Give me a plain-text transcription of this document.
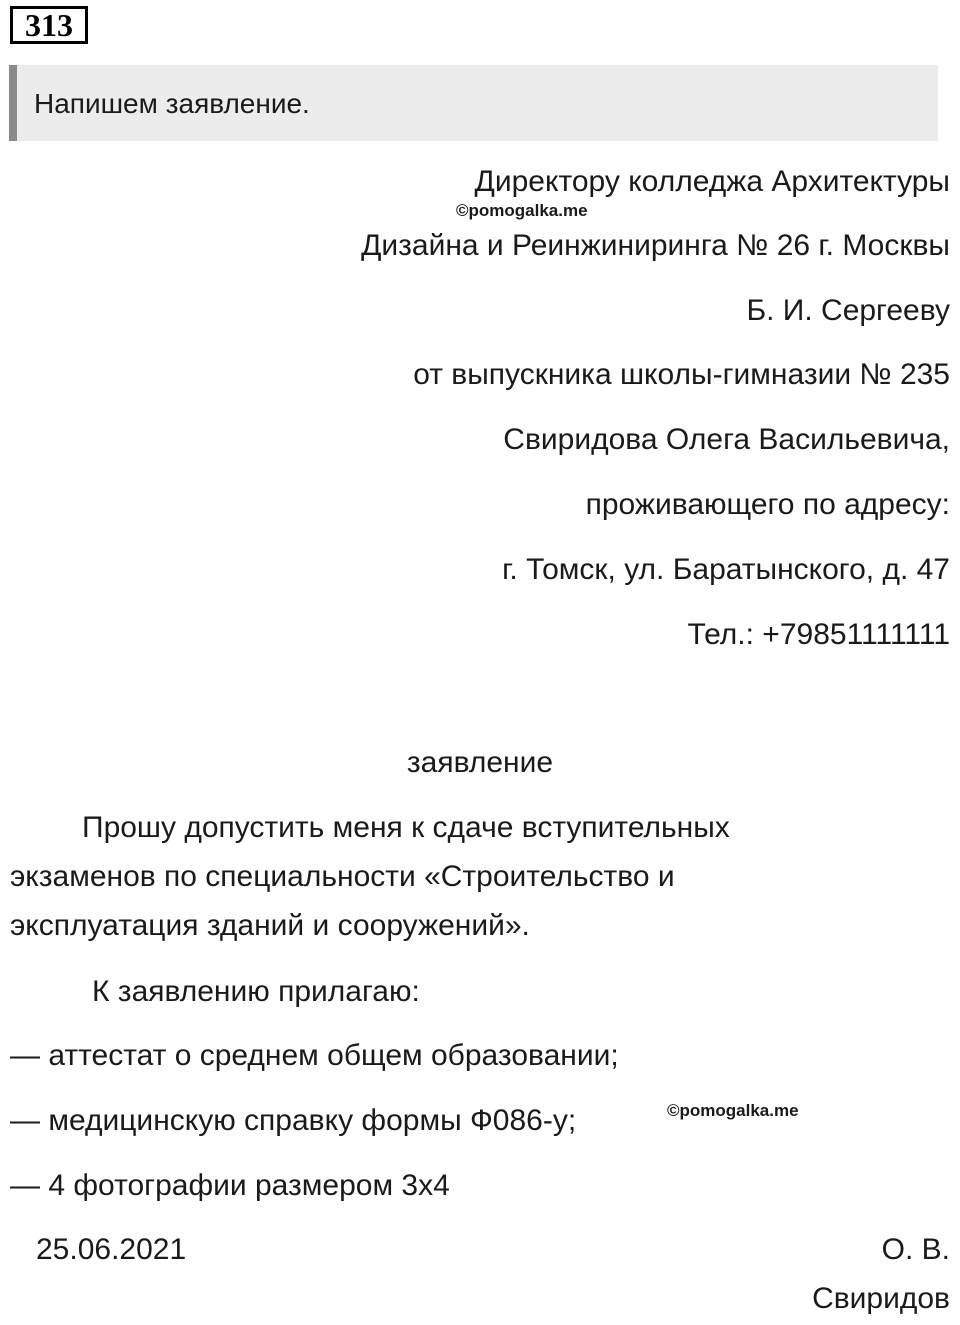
313
Напишем заявление.
Директору колледжа Архитектуры
©pomogalka.me
Дизайна и Реинжиниринга № 26 г. Москвы
Б. И. Сергееву
от выпускника школы-гимназии № 235
Свиридова Олега Васильевича,
проживающего по адресу:
г. Томск, ул. Баратынского, д. 47
Тел.: +79851111111
заявление
Прошу допустить меня к сдаче вступительных
экзаменов по специальности «Строительство и
эксплуатация зданий и сооружений».
К заявлению прилагаю:
— аттестат о среднем общем образовании;
— медицинскую справку формы Ф086-у;	©pomogalka.me
— 4 фотографии размером 3х4
25.06.2021	О. В.
Свиридов
